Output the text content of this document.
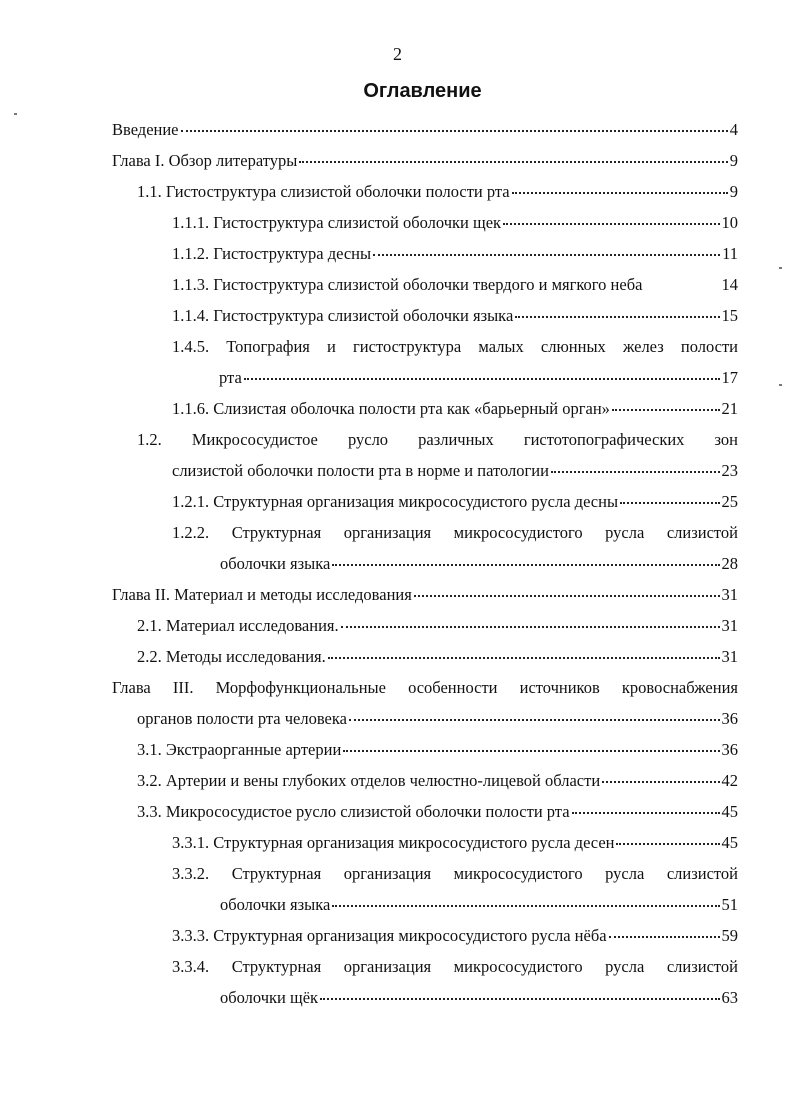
2
Оглавление
Введение	4
Глава I. Обзор литературы	9
1.1. Гистоструктура слизистой оболочки полости рта	9
1.1.1. Гистоструктура слизистой оболочки щек	10
1.1.2. Гистоструктура десны	11
1.1.3. Гистоструктура слизистой оболочки твердого и мягкого неба	14
1.1.4. Гистоструктура слизистой оболочки языка	15
1.4.5. Топография и гистоструктура малых слюнных желез полости
рта	17
1.1.6. Слизистая оболочка полости рта как «барьерный орган»	21
1.2. Микрососудистое русло различных гистотопографических зон
слизистой оболочки полости рта в норме и патологии	23
1.2.1. Структурная организация микрососудистого русла десны	25
1.2.2. Структурная организация микрососудистого русла слизистой
оболочки языка	28
Глава II. Материал и методы исследования	31
2.1. Материал исследования.	31
2.2. Методы исследования.	31
Глава III. Морфофункциональные особенности источников кровоснабжения
органов полости рта человека	36
3.1. Экстраорганные артерии	36
3.2. Артерии и вены глубоких отделов челюстно-лицевой области	42
3.3. Микрососудистое русло слизистой оболочки полости рта	45
3.3.1. Структурная организация микрососудистого русла десен	45
3.3.2. Структурная организация микрососудистого русла слизистой
оболочки языка	51
3.3.3. Структурная организация микрососудистого русла нёба	59
3.3.4. Структурная организация микрососудистого русла слизистой
оболочки щёк	63
